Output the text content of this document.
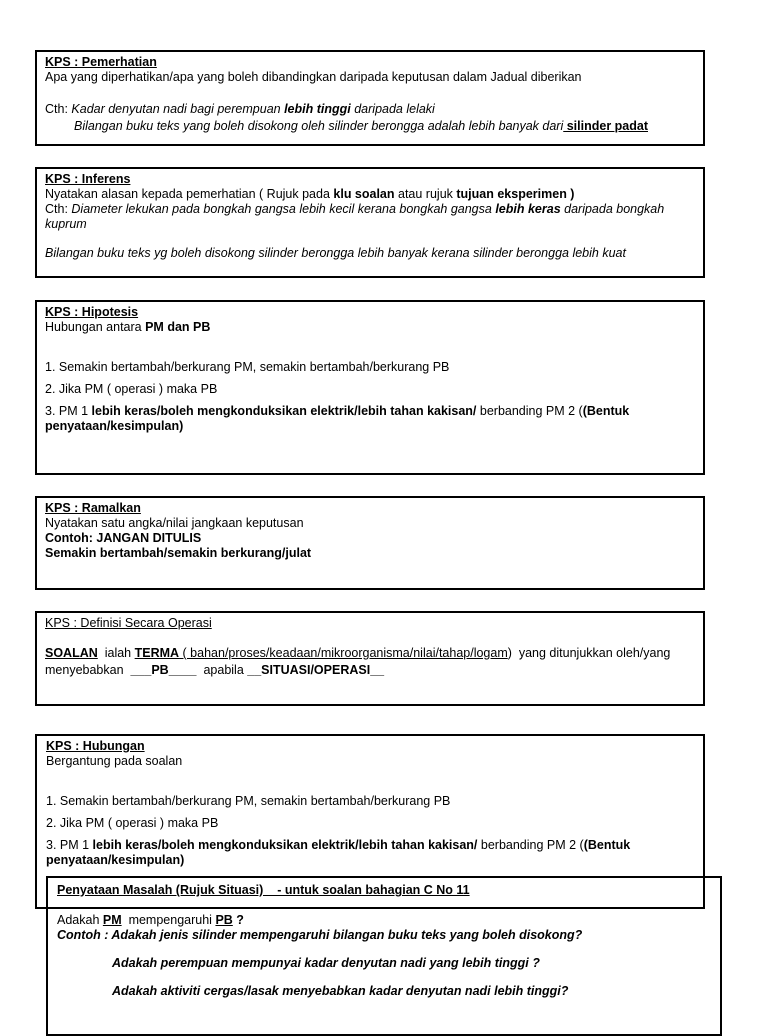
KPS : Pemerhatian
Apa yang diperhatikan/apa yang boleh dibandingkan daripada keputusan dalam Jadual diberikan
Cth: Kadar denyutan nadi bagi perempuan lebih tinggi daripada lelaki
Bilangan buku teks yang boleh disokong oleh silinder berongga adalah lebih banyak dari silinder padat
KPS : Inferens
Nyatakan alasan kepada pemerhatian ( Rujuk pada klu soalan atau rujuk tujuan eksperimen )
Cth: Diameter lekukan pada bongkah gangsa lebih kecil kerana bongkah gangsa lebih keras daripada bongkah kuprum
Bilangan buku teks yg boleh disokong silinder berongga lebih banyak kerana silinder berongga lebih kuat
KPS : Hipotesis
Hubungan antara PM dan PB
1. Semakin bertambah/berkurang PM, semakin bertambah/berkurang PB
2. Jika PM ( operasi ) maka PB
3. PM 1 lebih keras/boleh mengkonduksikan elektrik/lebih tahan kakisan/ berbanding PM 2 ((Bentuk penyataan/kesimpulan)
KPS : Ramalkan
Nyatakan satu angka/nilai jangkaan keputusan
Contoh: JANGAN DITULIS
Semakin bertambah/semakin berkurang/julat
KPS : Definisi Secara Operasi
SOALAN  ialah TERMA ( bahan/proses/keadaan/mikroorganisma/nilai/tahap/logam)  yang ditunjukkan oleh/yang
menyebabkan  ___PB____  apabila __SITUASI/OPERASI__
KPS : Hubungan
Bergantung pada soalan
1. Semakin bertambah/berkurang PM, semakin bertambah/berkurang PB
2. Jika PM ( operasi ) maka PB
3. PM 1 lebih keras/boleh mengkonduksikan elektrik/lebih tahan kakisan/ berbanding PM 2 ((Bentuk penyataan/kesimpulan)
Penyataan Masalah (Rujuk Situasi)    - untuk soalan bahagian C No 11
Adakah PM  mempengaruhi PB ?
Contoh : Adakah jenis silinder mempengaruhi bilangan buku teks yang boleh disokong?
Adakah perempuan mempunyai kadar denyutan nadi yang lebih tinggi ?
Adakah aktiviti cergas/lasak menyebabkan kadar denyutan nadi lebih tinggi?
